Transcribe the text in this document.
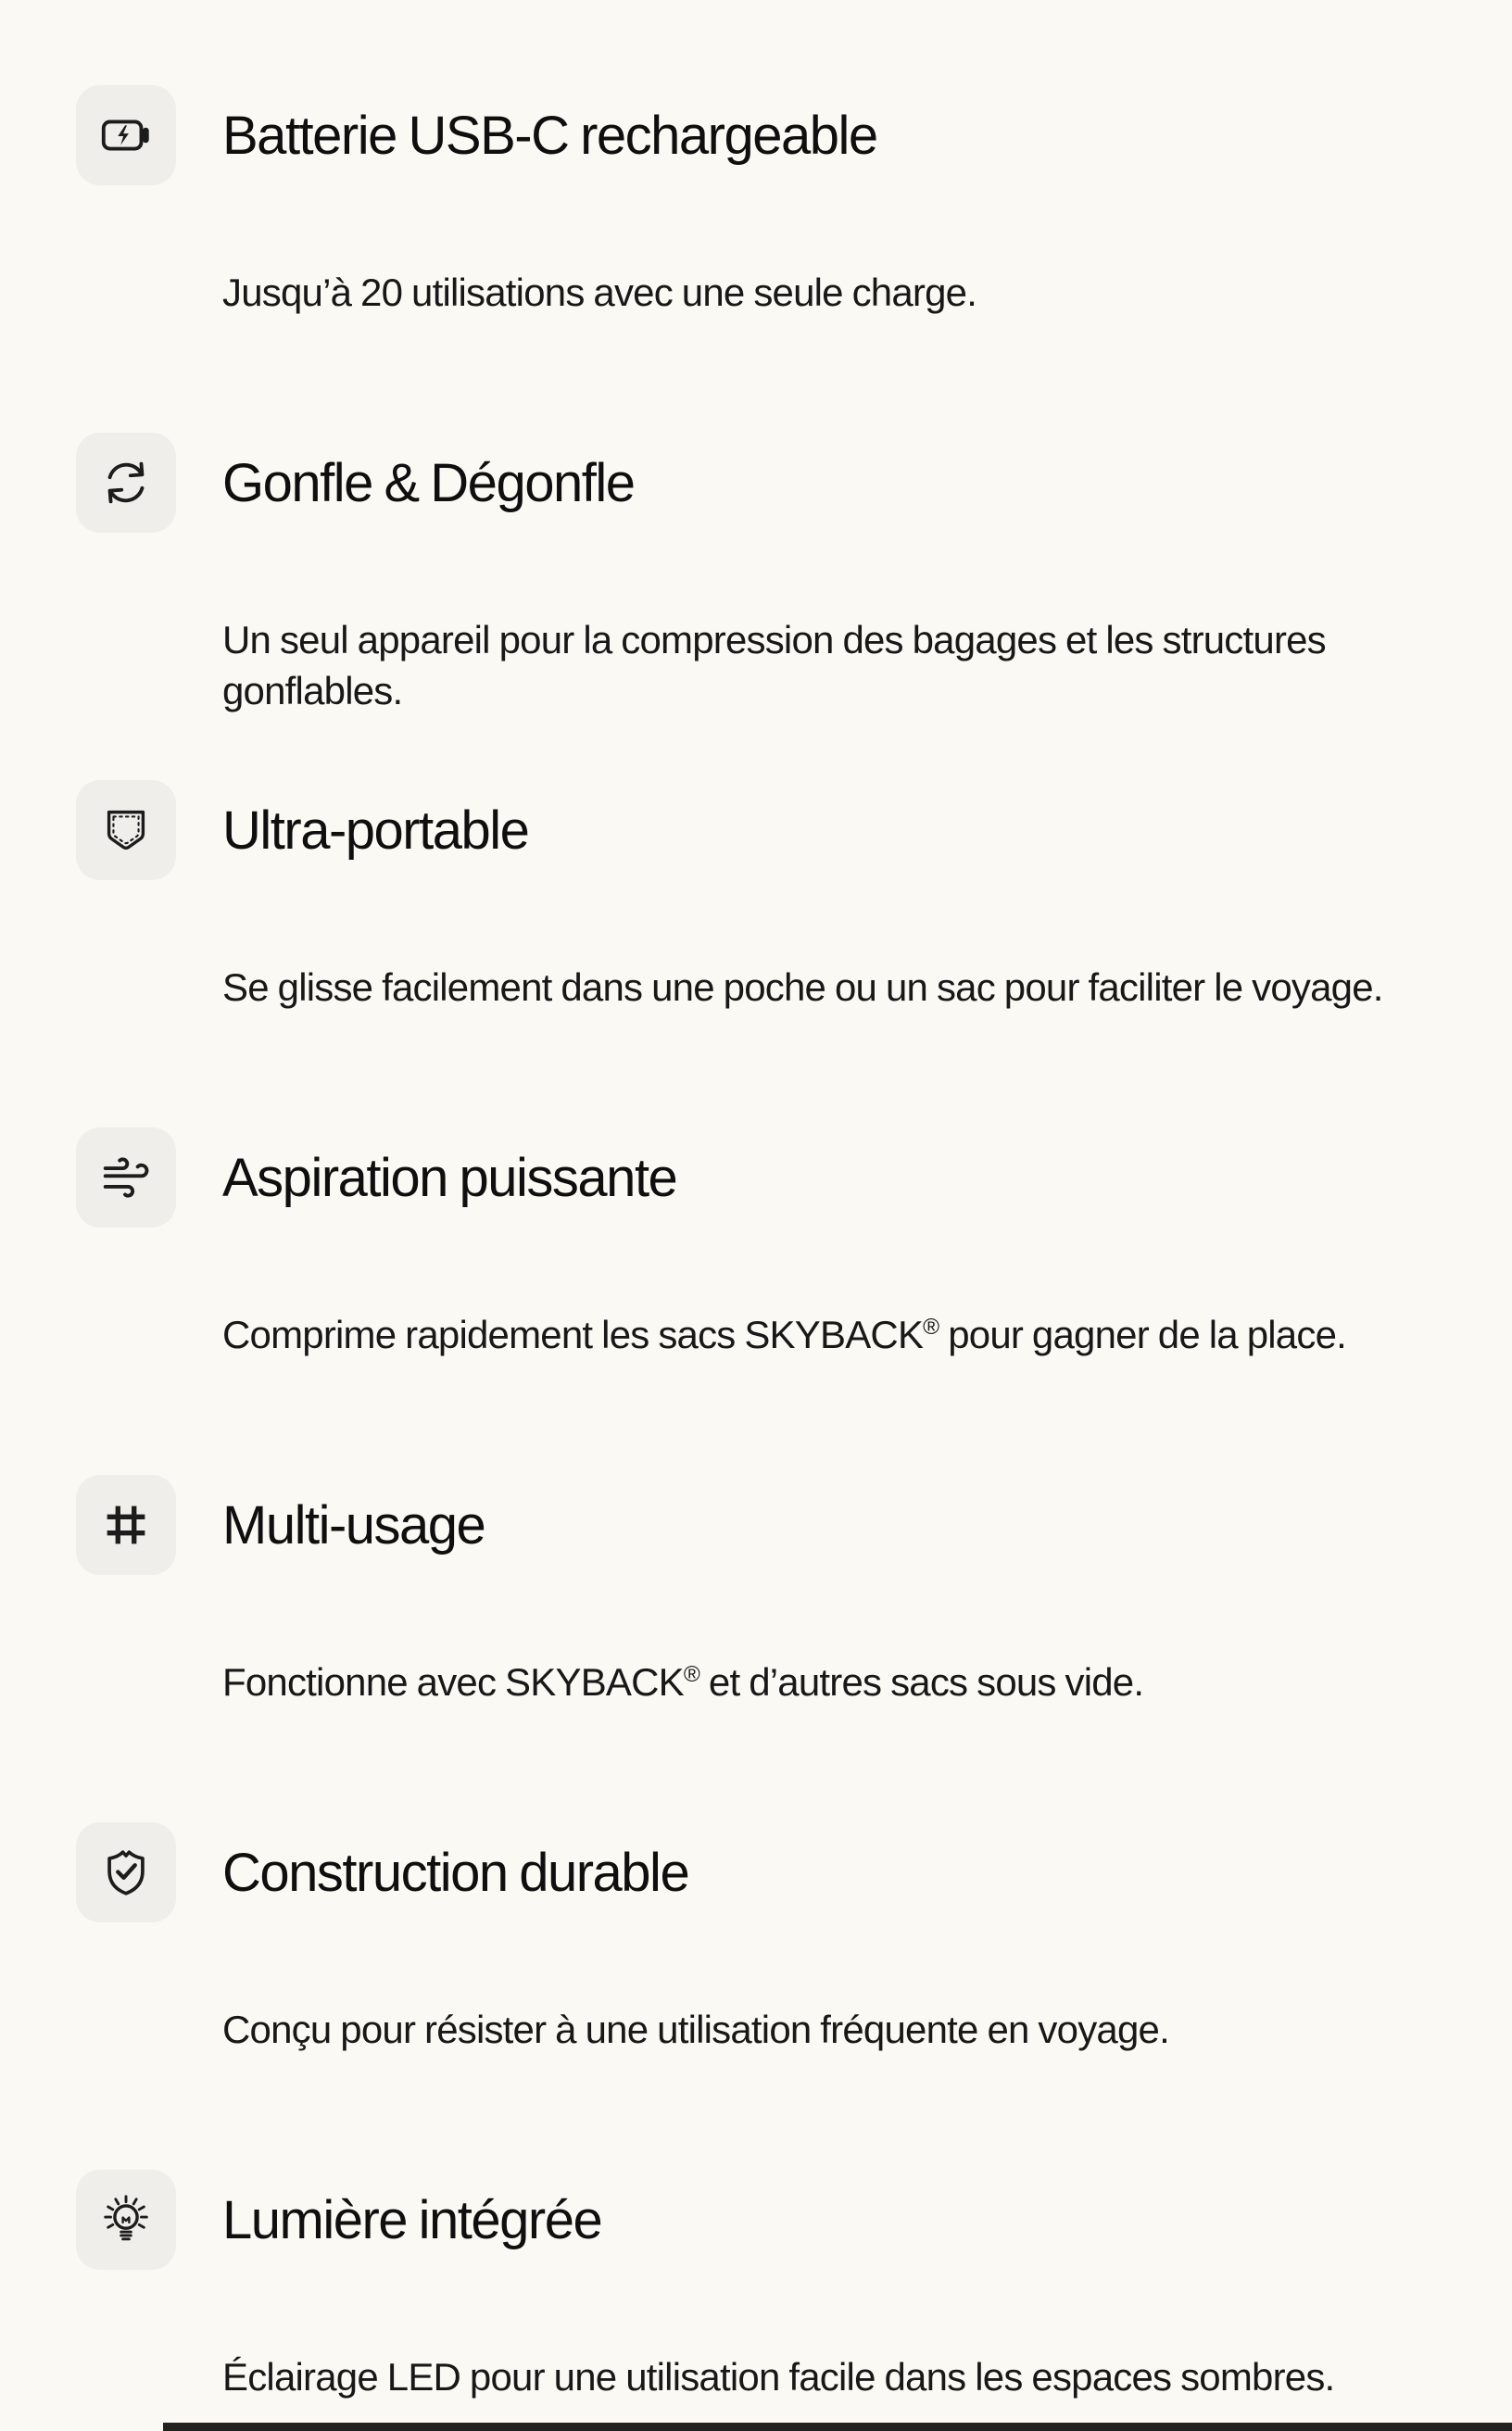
Batterie USB-C rechargeable

Jusqu’à 20 utilisations avec une seule charge.

Gonfle & Dégonfle

Un seul appareil pour la compression des bagages et les structures gonflables.

Ultra-portable

Se glisse facilement dans une poche ou un sac pour faciliter le voyage.

Aspiration puissante

Comprime rapidement les sacs SKYBACK® pour gagner de la place.

Multi-usage

Fonctionne avec SKYBACK® et d’autres sacs sous vide.

Construction durable

Conçu pour résister à une utilisation fréquente en voyage.

Lumière intégrée

Éclairage LED pour une utilisation facile dans les espaces sombres.
